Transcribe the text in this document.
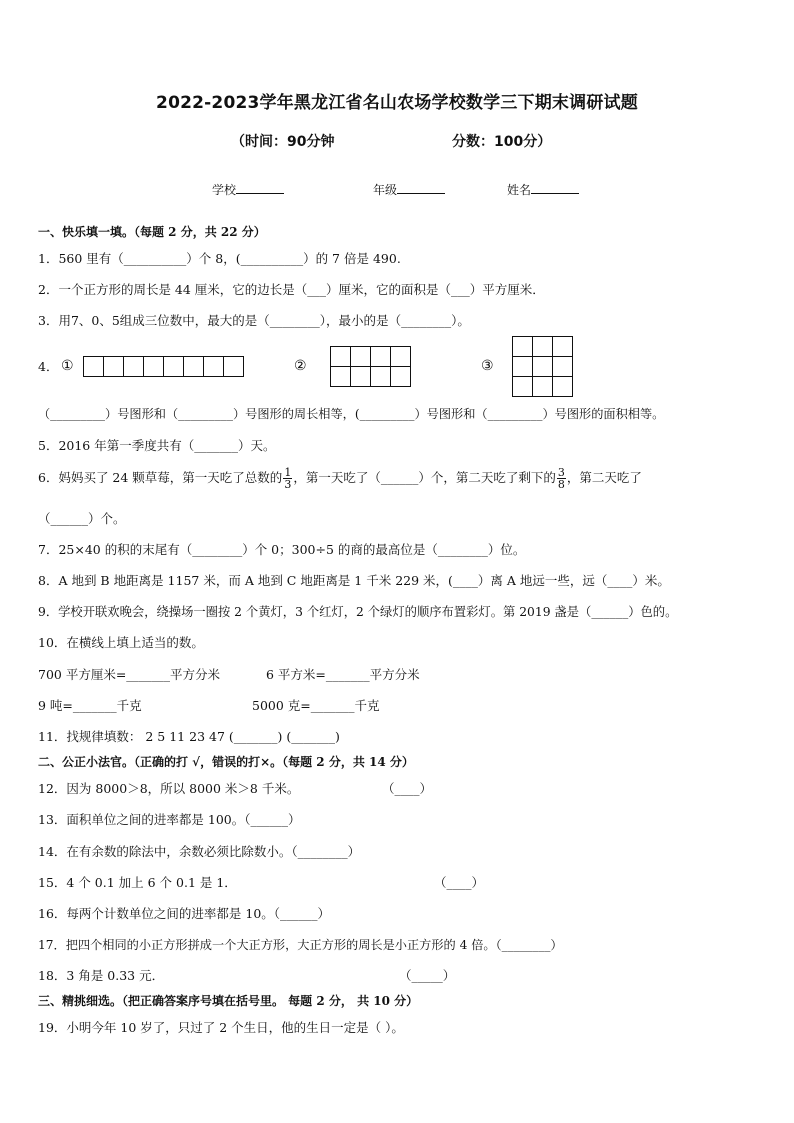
2022-2023学年黑龙江省名山农场学校数学三下期末调研试题
（时间：90分钟	分数：100分）
学校	年级	姓名
一、快乐填一填。（每题 2 分，共 22 分）
1．560 里有（__________）个 8，(__________）的 7 倍是 490.
2．一个正方形的周长是 44 厘米，它的边长是（___）厘米，它的面积是（___）平方厘米．
3．用7、0、5组成三位数中，最大的是（________），最小的是（________）。
4． ①	②	③
（_________）号图形和（_________）号图形的周长相等，(_________）号图形和（_________）号图形的面积相等。
5．2016 年第一季度共有（_______）天。
6．妈妈买了 24 颗草莓，第一天吃了总数的 $\frac{1}{3}$ ，第一天吃了（______）个，第二天吃了剩下的 $\frac{3}{8}$ ，第二天吃了
（______）个。
7．25×40 的积的末尾有（________）个 0；300÷5 的商的最高位是（________）位。
8．A 地到 B 地距离是 1157 米，而 A 地到 C 地距离是 1 千米 229 米，(____）离 A 地远一些，远（____）米。
9．学校开联欢晚会，绕操场一圈按 2 个黄灯，3 个红灯，2 个绿灯的顺序布置彩灯。第 2019 盏是（______）色的。
10．在横线上填上适当的数。
700 平方厘米=_______平方分米	6 平方米=_______平方分米
9 吨=_______千克	5000 克=_______千克
11．找规律填数： 2 5 11 23 47 (_______) (_______)
二、公正小法官。（正确的打 √，错误的打×。（每题 2 分，共 14 分）
12．因为 8000＞8，所以 8000 米＞8 千米。	（____）
13．面积单位之间的进率都是 100。（______）
14．在有余数的除法中，余数必须比除数小。（________）
15．4 个 0.1 加上 6 个 0.1 是 1．	（____）
16．每两个计数单位之间的进率都是 10。（______）
17．把四个相同的小正方形拼成一个大正方形，大正方形的周长是小正方形的 4 倍。（________）
18．3 角是 0.33 元．	（_____）
三、精挑细选。（把正确答案序号填在括号里。 每题 2 分， 共 10 分）
19．小明今年 10 岁了，只过了 2 个生日，他的生日一定是（ ）。
